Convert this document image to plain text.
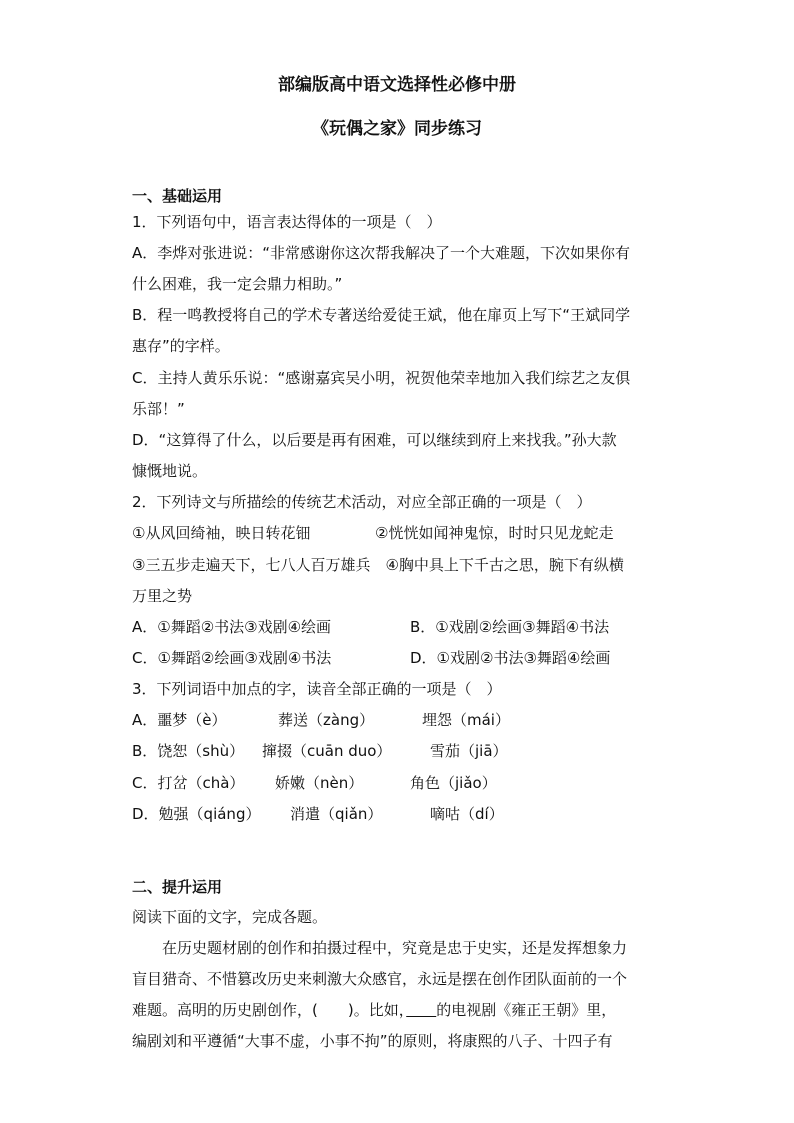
部编版高中语文选择性必修中册
《玩偶之家》同步练习
一、基础运用
1．下列语句中，语言表达得体的一项是（　）
A．李烨对张进说：“非常感谢你这次帮我解决了一个大难题，下次如果你有
什么困难，我一定会鼎力相助。”
B．程一鸣教授将自己的学术专著送给爱徒王斌，他在扉页上写下“王斌同学
惠存”的字样。
C．主持人黄乐乐说：“感谢嘉宾吴小明，祝贺他荣幸地加入我们综艺之友俱
乐部！”
D．“这算得了什么，以后要是再有困难，可以继续到府上来找我。”孙大款
慷慨地说。
2．下列诗文与所描绘的传统艺术活动，对应全部正确的一项是（　）
①从风回绮袖，映日转花钿	②恍恍如闻神鬼惊，时时只见龙蛇走
③三五步走遍天下，七八人百万雄兵　④胸中具上下千古之思，腕下有纵横
万里之势
A．①舞蹈②书法③戏剧④绘画	B．①戏剧②绘画③舞蹈④书法
C．①舞蹈②绘画③戏剧④书法	D．①戏剧②书法③舞蹈④绘画
3．下列词语中加点的字，读音全部正确的一项是（　）
A．噩梦（è）	葬送（zàng）	埋怨（mái）
B．饶恕（shù） 撺掇（cuān duo）	雪茄（jiā）
C．打岔（chà） 娇嫩（nèn）	角色（jiǎo）
D．勉强（qiáng） 消遣（qiǎn）	嘀咕（dí）
二、提升运用
阅读下面的文字，完成各题。
在历史题材剧的创作和拍摄过程中，究竟是忠于史实，还是发挥想象力
盲目猎奇、不惜篡改历史来刺激大众感官，永远是摆在创作团队面前的一个
难题。高明的历史剧创作，(　　)。比如，　　 的电视剧《雍正王朝》里，
编剧刘和平遵循“大事不虚，小事不拘”的原则，将康熙的八子、十四子有
